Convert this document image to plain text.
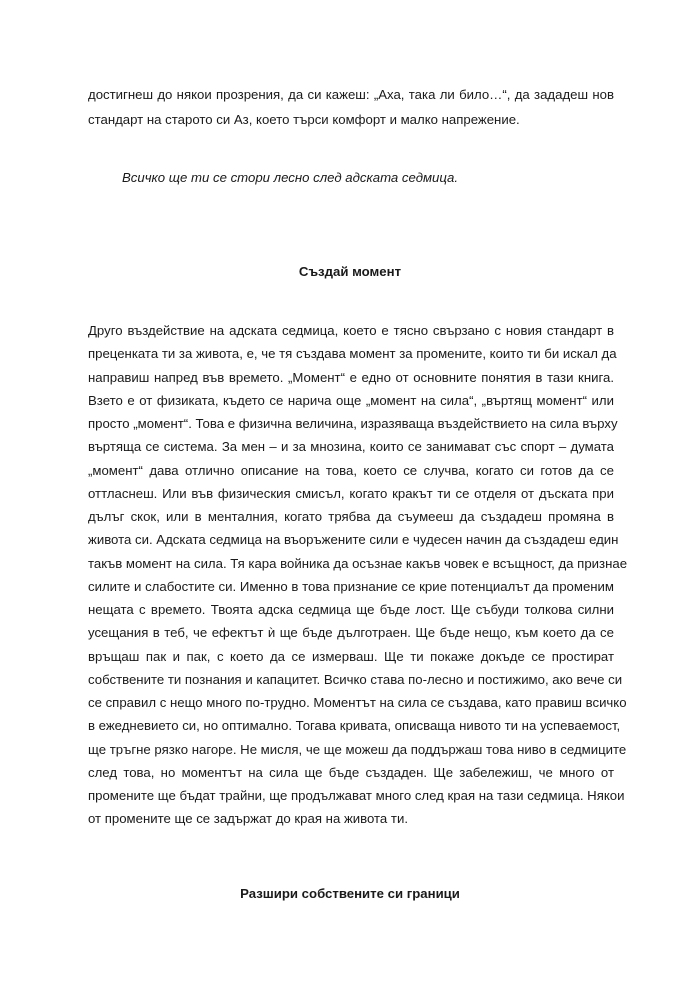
достигнеш до някои прозрения, да си кажеш: „Аха, така ли било…“, да зададеш нов
стандарт на старото си Аз, което търси комфорт и малко напрежение.
Всичко ще ти се стори лесно след адската седмица.
Създай момент
Друго въздействие на адската седмица, което е тясно свързано с новия стандарт в
преценката ти за живота, е, че тя създава момент за промените, които ти би искал да
направиш напред във времето. „Момент“ е едно от основните понятия в тази книга.
Взето е от физиката, където се нарича още „момент на сила“, „въртящ момент“ или
просто „момент“. Това е физична величина, изразяваща въздействието на сила върху
въртяща се система. За мен – и за мнозина, които се занимават със спорт – думата
„момент“ дава отлично описание на това, което се случва, когато си готов да се
оттласнеш. Или във физическия смисъл, когато кракът ти се отделя от дъската при
дълъг скок, или в менталния, когато трябва да съумееш да създадеш промяна в
живота си. Адската седмица на въоръжените сили е чудесен начин да създадеш един
такъв момент на сила. Тя кара войника да осъзнае какъв човек е всъщност, да признае
силите и слабостите си. Именно в това признание се крие потенциалът да променим
нещата с времето. Твоята адска седмица ще бъде лост. Ще събуди толкова силни
усещания в теб, че ефектът ѝ ще бъде дълготраен. Ще бъде нещо, към което да се
връщаш пак и пак, с което да се измерваш. Ще ти покаже докъде се простират
собствените ти познания и капацитет. Всичко става по-лесно и постижимо, ако вече си
се справил с нещо много по-трудно. Моментът на сила се създава, като правиш всичко
в ежедневието си, но оптимално. Тогава кривата, описваща нивото ти на успеваемост,
ще тръгне рязко нагоре. Не мисля, че ще можеш да поддържаш това ниво в седмиците
след това, но моментът на сила ще бъде създаден. Ще забележиш, че много от
промените ще бъдат трайни, ще продължават много след края на тази седмица. Някои
от промените ще се задържат до края на живота ти.
Разшири собствените си граници
